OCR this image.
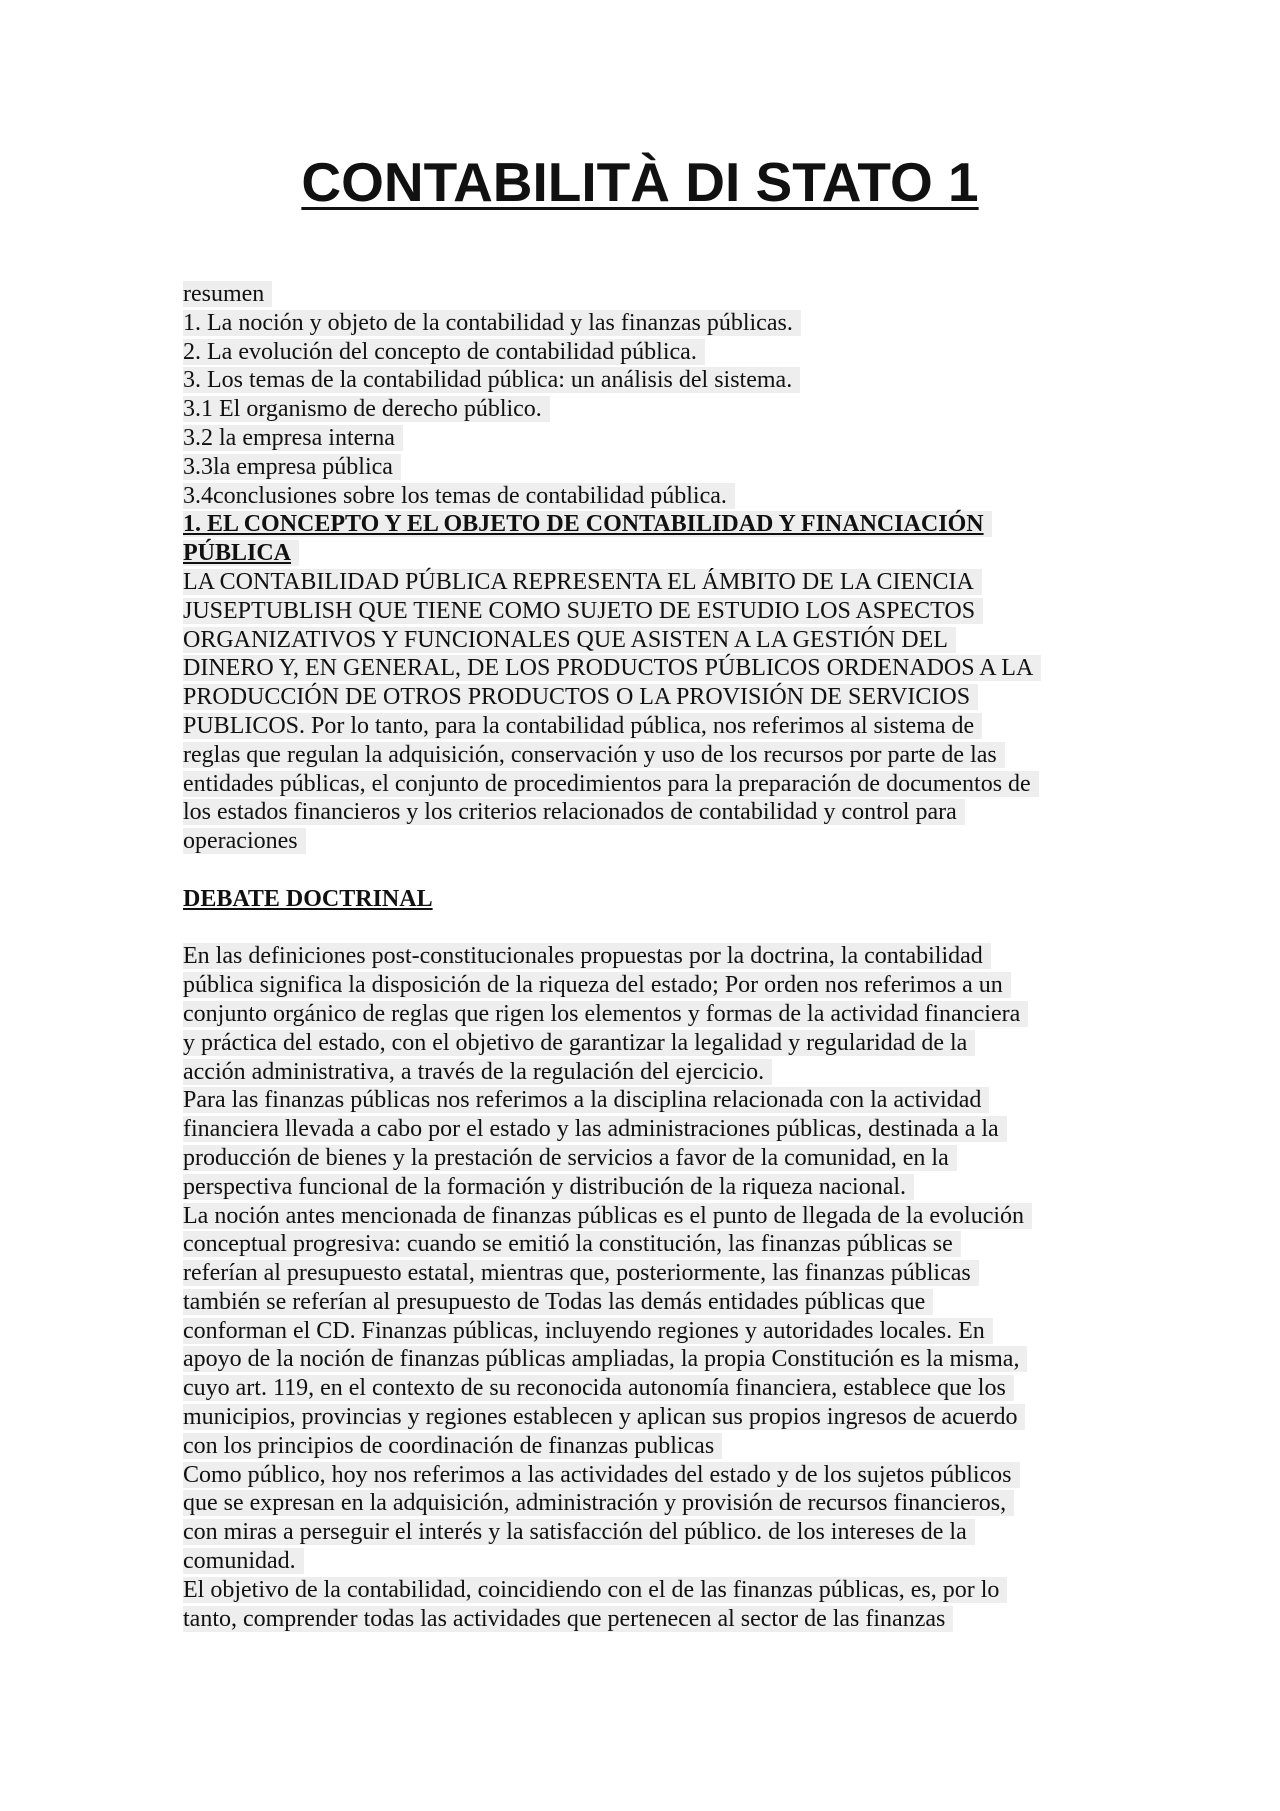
CONTABILITÀ DI STATO 1
resumen
1. La noción y objeto de la contabilidad y las finanzas públicas.
2. La evolución del concepto de contabilidad pública.
3. Los temas de la contabilidad pública: un análisis del sistema.
3.1 El organismo de derecho público.
3.2 la empresa interna
3.3la empresa pública
3.4conclusiones sobre los temas de contabilidad pública.
1. EL CONCEPTO Y EL OBJETO DE CONTABILIDAD Y FINANCIACIÓN
PÚBLICA
LA CONTABILIDAD PÚBLICA REPRESENTA EL ÁMBITO DE LA CIENCIA
JUSEPTUBLISH QUE TIENE COMO SUJETO DE ESTUDIO LOS ASPECTOS
ORGANIZATIVOS Y FUNCIONALES QUE ASISTEN A LA GESTIÓN DEL
DINERO Y, EN GENERAL, DE LOS PRODUCTOS PÚBLICOS ORDENADOS A LA
PRODUCCIÓN DE OTROS PRODUCTOS O LA PROVISIÓN DE SERVICIOS
PUBLICOS. Por lo tanto, para la contabilidad pública, nos referimos al sistema de
reglas que regulan la adquisición, conservación y uso de los recursos por parte de las
entidades públicas, el conjunto de procedimientos para la preparación de documentos de
los estados financieros y los criterios relacionados de contabilidad y control para
operaciones
DEBATE DOCTRINAL
En las definiciones post-constitucionales propuestas por la doctrina, la contabilidad
pública significa la disposición de la riqueza del estado; Por orden nos referimos a un
conjunto orgánico de reglas que rigen los elementos y formas de la actividad financiera
y práctica del estado, con el objetivo de garantizar la legalidad y regularidad de la
acción administrativa, a través de la regulación del ejercicio.
Para las finanzas públicas nos referimos a la disciplina relacionada con la actividad
financiera llevada a cabo por el estado y las administraciones públicas, destinada a la
producción de bienes y la prestación de servicios a favor de la comunidad, en la
perspectiva funcional de la formación y distribución de la riqueza nacional.
La noción antes mencionada de finanzas públicas es el punto de llegada de la evolución
conceptual progresiva: cuando se emitió la constitución, las finanzas públicas se
referían al presupuesto estatal, mientras que, posteriormente, las finanzas públicas
también se referían al presupuesto de Todas las demás entidades públicas que
conforman el CD. Finanzas públicas, incluyendo regiones y autoridades locales. En
apoyo de la noción de finanzas públicas ampliadas, la propia Constitución es la misma,
cuyo art. 119, en el contexto de su reconocida autonomía financiera, establece que los
municipios, provincias y regiones establecen y aplican sus propios ingresos de acuerdo
con los principios de coordinación de finanzas publicas
Como público, hoy nos referimos a las actividades del estado y de los sujetos públicos
que se expresan en la adquisición, administración y provisión de recursos financieros,
con miras a perseguir el interés y la satisfacción del público. de los intereses de la
comunidad.
El objetivo de la contabilidad, coincidiendo con el de las finanzas públicas, es, por lo
tanto, comprender todas las actividades que pertenecen al sector de las finanzas
